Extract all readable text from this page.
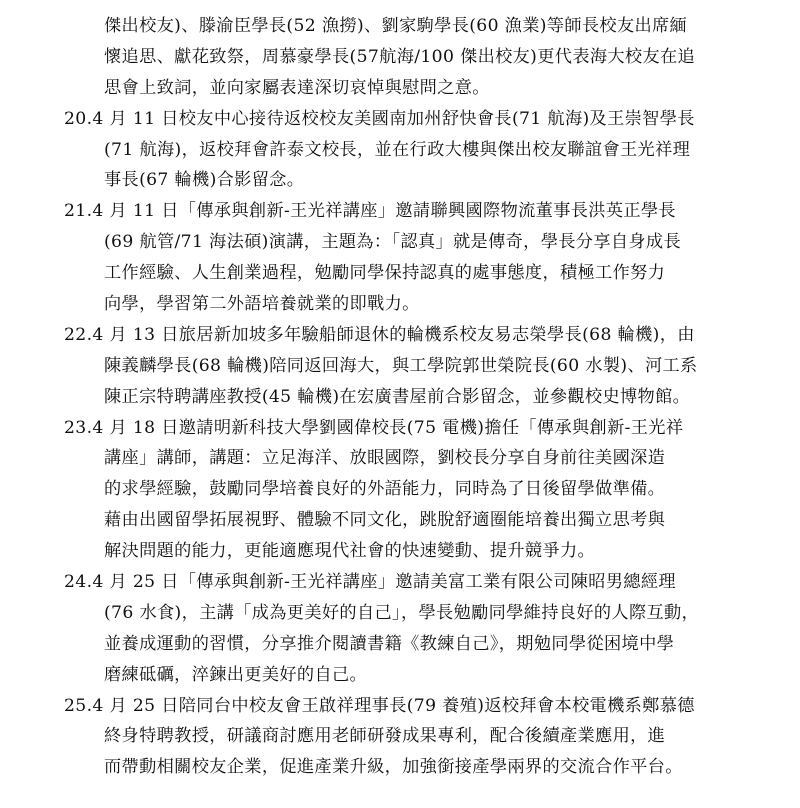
傑出校友)、滕渝臣學長(52 漁撈)、劉家駒學長(60 漁業)等師長校友出席緬
懷追思、獻花致祭，周慕豪學長(57航海/100 傑出校友)更代表海大校友在追
思會上致詞，並向家屬表達深切哀悼與慰問之意。
20.4 月 11 日校友中心接待返校校友美國南加州舒快會長(71 航海)及王崇智學長
(71 航海)，返校拜會許泰文校長，並在行政大樓與傑出校友聯誼會王光祥理
事長(67 輪機)合影留念。
21.4 月 11 日「傳承與創新-王光祥講座」邀請聯興國際物流董事長洪英正學長
(69 航管/71 海法碩)演講，主題為：「認真」就是傳奇，學長分享自身成長
工作經驗、人生創業過程，勉勵同學保持認真的處事態度，積極工作努力
向學，學習第二外語培養就業的即戰力。
22.4 月 13 日旅居新加坡多年驗船師退休的輪機系校友易志榮學長(68 輪機)，由
陳義麟學長(68 輪機)陪同返回海大，與工學院郭世榮院長(60 水製)、河工系
陳正宗特聘講座教授(45 輪機)在宏廣書屋前合影留念，並參觀校史博物館。
23.4 月 18 日邀請明新科技大學劉國偉校長(75 電機)擔任「傳承與創新-王光祥
講座」講師，講題：立足海洋、放眼國際，劉校長分享自身前往美國深造
的求學經驗，鼓勵同學培養良好的外語能力，同時為了日後留學做準備。
藉由出國留學拓展視野、體驗不同文化，跳脫舒適圈能培養出獨立思考與
解決問題的能力，更能適應現代社會的快速變動、提升競爭力。
24.4 月 25 日「傳承與創新-王光祥講座」邀請美富工業有限公司陳昭男總經理
(76 水食)，主講「成為更美好的自己」，學長勉勵同學維持良好的人際互動，
並養成運動的習慣，分享推介閱讀書籍《教練自己》，期勉同學從困境中學
磨練砥礪，淬鍊出更美好的自己。
25.4 月 25 日陪同台中校友會王啟祥理事長(79 養殖)返校拜會本校電機系鄭慕德
終身特聘教授，研議商討應用老師研發成果專利，配合後續產業應用，進
而帶動相關校友企業，促進產業升級，加強銜接產學兩界的交流合作平台。
